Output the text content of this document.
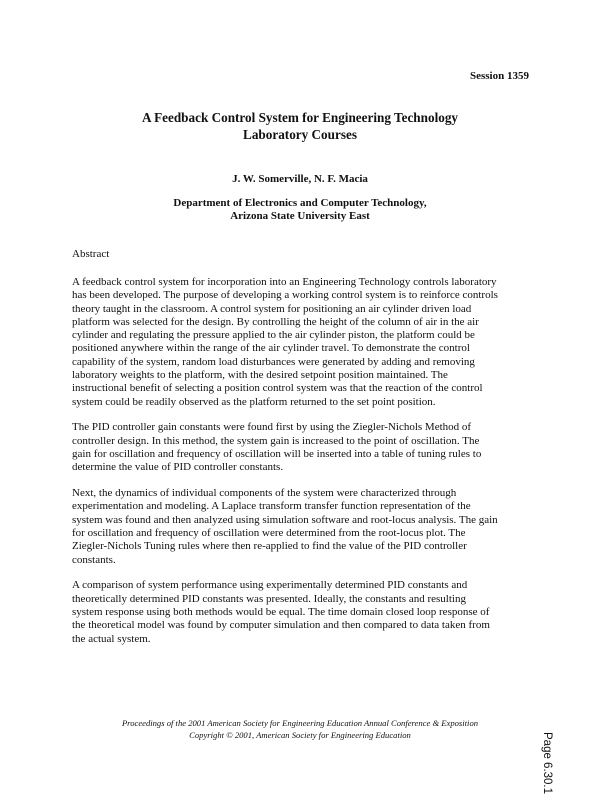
Session 1359
A Feedback Control System for Engineering Technology
Laboratory Courses
J. W. Somerville, N. F. Macia
Department of Electronics and Computer Technology,
Arizona State University East
Abstract

A feedback control system for incorporation into an Engineering Technology controls laboratory
has been developed. The purpose of developing a working control system is to reinforce controls
theory taught in the classroom. A control system for positioning an air cylinder driven load
platform was selected for the design. By controlling the height of the column of air in the air
cylinder and regulating the pressure applied to the air cylinder piston, the platform could be
positioned anywhere within the range of the air cylinder travel. To demonstrate the control
capability of the system, random load disturbances were generated by adding and removing
laboratory weights to the platform, with the desired setpoint position maintained. The
instructional benefit of selecting a position control system was that the reaction of the control
system could be readily observed as the platform returned to the set point position.

The PID controller gain constants were found first by using the Ziegler-Nichols Method of
controller design. In this method, the system gain is increased to the point of oscillation. The
gain for oscillation and frequency of oscillation will be inserted into a table of tuning rules to
determine the value of PID controller constants.

Next, the dynamics of individual components of the system were characterized through
experimentation and modeling. A Laplace transform transfer function representation of the
system was found and then analyzed using simulation software and root-locus analysis. The gain
for oscillation and frequency of oscillation were determined from the root-locus plot. The
Ziegler-Nichols Tuning rules where then re-applied to find the value of the PID controller
constants.

A comparison of system performance using experimentally determined PID constants and
theoretically determined PID constants was presented. Ideally, the constants and resulting
system response using both methods would be equal. The time domain closed loop response of
the theoretical model was found by computer simulation and then compared to data taken from
the actual system.

Proceedings of the 2001 American Society for Engineering Education Annual Conference & Exposition
Copyright © 2001, American Society for Engineering Education	Page 6.30.1
